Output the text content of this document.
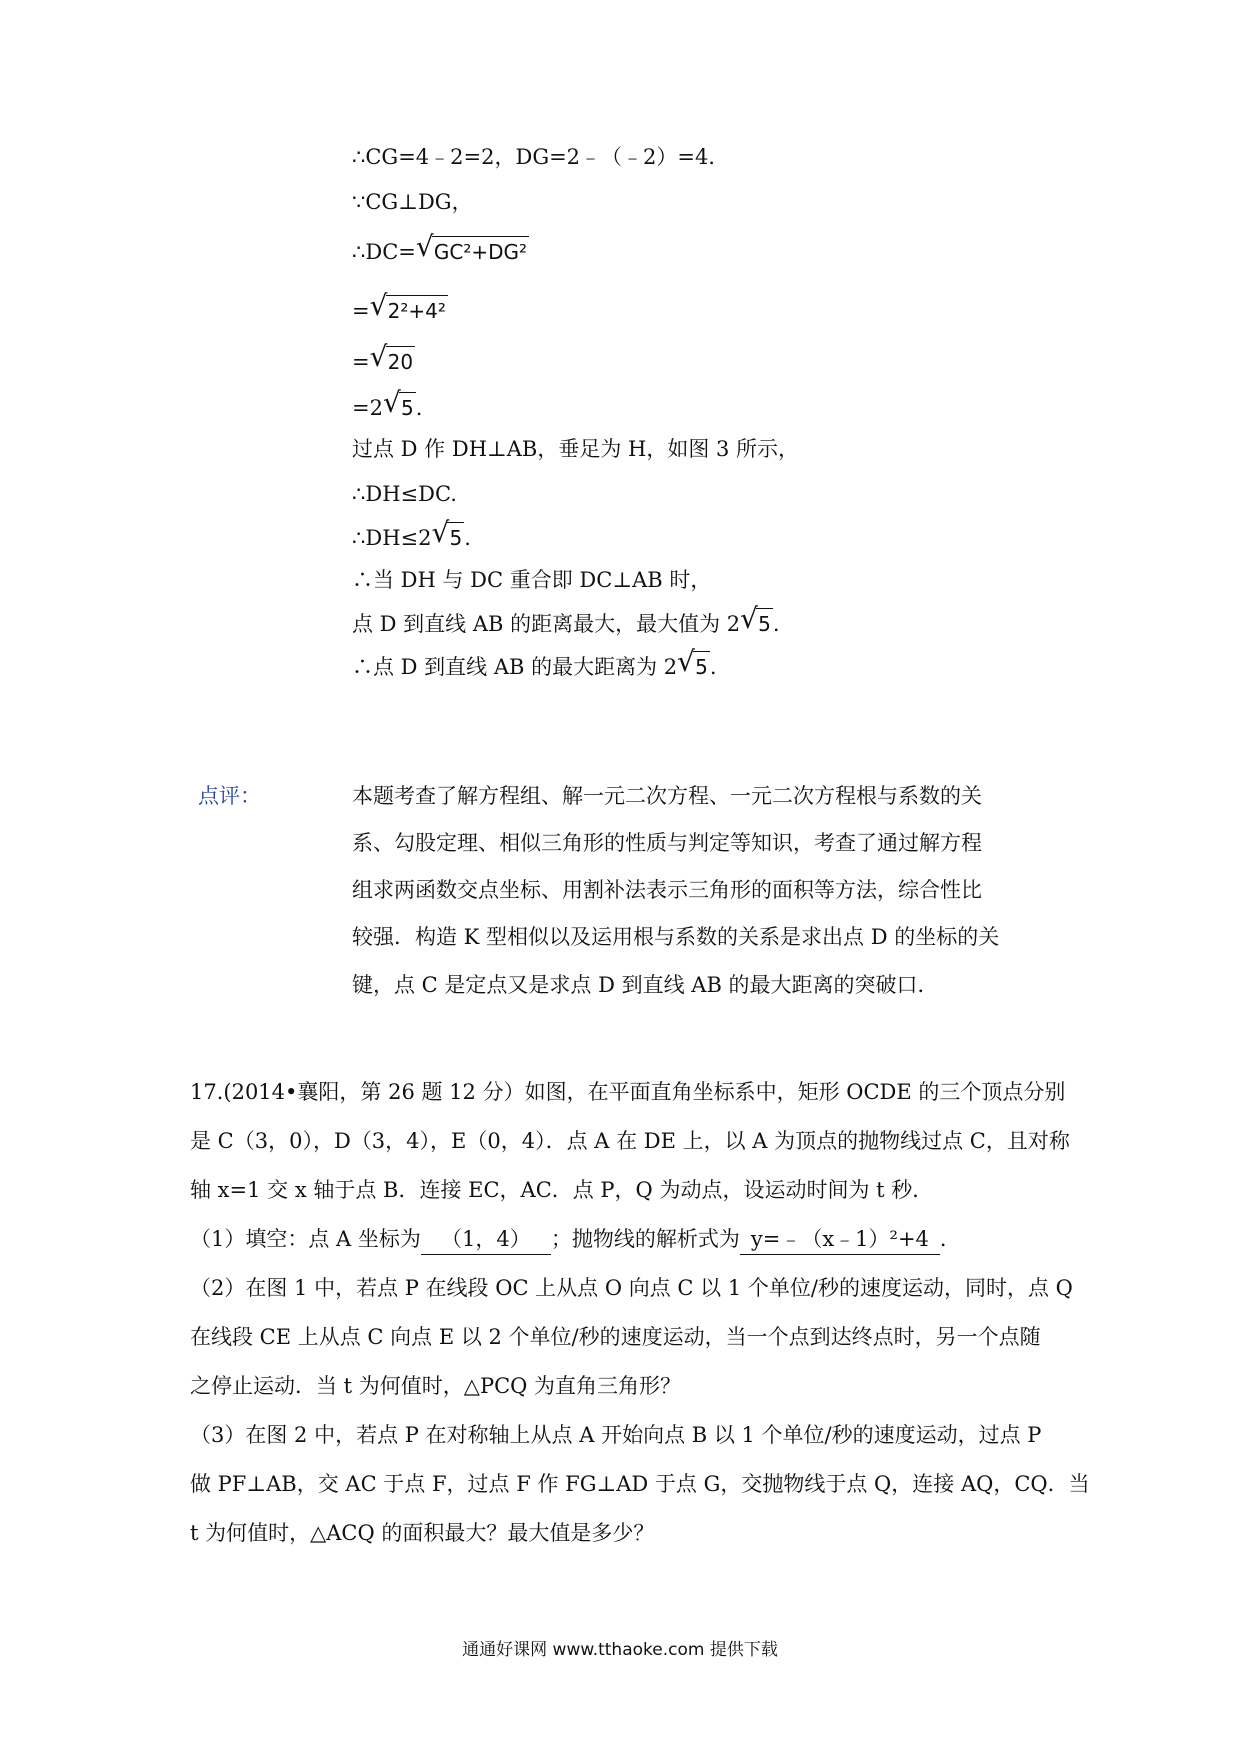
∴CG=4﹣2=2，DG=2﹣（﹣2）=4．
∵CG⊥DG，
∴DC= √ GC²+DG²
= √ 2²+4²
= √ 20
=2 √ 5.
过点 D 作 DH⊥AB，垂足为 H，如图 3 所示，
∴DH≤DC.
∴DH≤2 √ 5.
∴当 DH 与 DC 重合即 DC⊥AB 时，
点 D 到直线 AB 的距离最大，最大值为 2 √ 5.
∴点 D 到直线 AB 的最大距离为 2 √ 5.
点评：	本题考查了解方程组、解一元二次方程、一元二次方程根与系数的关
系、勾股定理、相似三角形的性质与判定等知识，考查了通过解方程
组求两函数交点坐标、用割补法表示三角形的面积等方法，综合性比
较强．构造 K 型相似以及运用根与系数的关系是求出点 D 的坐标的关
键，点 C 是定点又是求点 D 到直线 AB 的最大距离的突破口．
17.(2014•襄阳，第 26 题 12 分）如图，在平面直角坐标系中，矩形 OCDE 的三个顶点分别
是 C（3，0），D（3，4），E（0，4）．点 A 在 DE 上，以 A 为顶点的抛物线过点 C，且对称
轴 x=1 交 x 轴于点 B．连接 EC，AC．点 P，Q 为动点，设运动时间为 t 秒．
（1）填空：点 A 坐标为 （1，4） ；抛物线的解析式为 y=﹣（x﹣1）²+4 ．
（2）在图 1 中，若点 P 在线段 OC 上从点 O 向点 C 以 1 个单位/秒的速度运动，同时，点 Q
在线段 CE 上从点 C 向点 E 以 2 个单位/秒的速度运动，当一个点到达终点时，另一个点随
之停止运动．当 t 为何值时，△PCQ 为直角三角形？
（3）在图 2 中，若点 P 在对称轴上从点 A 开始向点 B 以 1 个单位/秒的速度运动，过点 P
做 PF⊥AB，交 AC 于点 F，过点 F 作 FG⊥AD 于点 G，交抛物线于点 Q，连接 AQ，CQ．当
t 为何值时，△ACQ 的面积最大？最大值是多少？
通通好课网 www.tthaoke.com 提供下载
